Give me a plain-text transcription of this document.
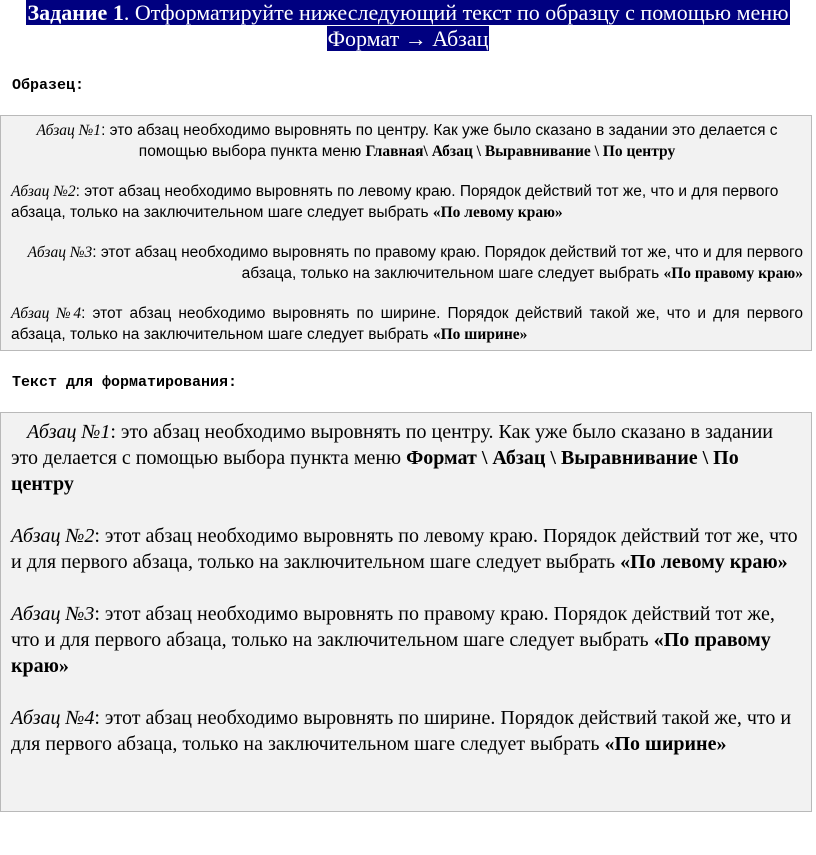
Задание 1. Отформатируйте нижеследующий текст по образцу с помощью меню Формат → Абзац
Образец:

Абзац №1: это абзац необходимо выровнять по центру. Как уже было сказано в задании это делается с помощью выбора пункта меню Главная\ Абзац \ Выравнивание \ По центру

Абзац №2: этот абзац необходимо выровнять по левому краю. Порядок действий тот же, что и для первого абзаца, только на заключительном шаге следует выбрать «По левому краю»

Абзац №3: этот абзац необходимо выровнять по правому краю. Порядок действий тот же, что и для первого абзаца, только на заключительном шаге следует выбрать «По правому краю»

Абзац №4: этот абзац необходимо выровнять по ширине. Порядок действий такой же, что и для первого абзаца, только на заключительном шаге следует выбрать «По ширине»

Текст для форматирования:

Абзац №1: это абзац необходимо выровнять по центру. Как уже было сказано в задании это делается с помощью выбора пункта меню Формат \ Абзац \ Выравнивание \ По центру

Абзац №2: этот абзац необходимо выровнять по левому краю. Порядок действий тот же, что и для первого абзаца, только на заключительном шаге следует выбрать «По левому краю»

Абзац №3: этот абзац необходимо выровнять по правому краю. Порядок действий тот же, что и для первого абзаца, только на заключительном шаге следует выбрать «По правому краю»

Абзац №4: этот абзац необходимо выровнять по ширине. Порядок действий такой же, что и для первого абзаца, только на заключительном шаге следует выбрать «По ширине»
